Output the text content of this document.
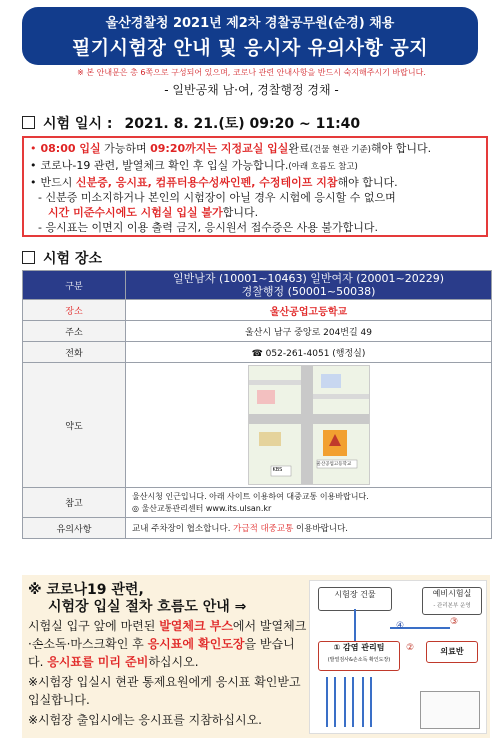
울산경찰청 2021년 제2차 경찰공무원(순경) 채용
필기시험장 안내 및 응시자 유의사항 공지
※ 본 안내문은 총 6쪽으로 구성되어 있으며, 코로나 관련 안내사항을 반드시 숙지해주시기 바랍니다.
- 일반공채 남·여, 경찰행정 경채 -
시험 일시 : 2021. 8. 21.(토) 09:20 ~ 11:40
• 08:00 입실 가능하며 09:20까지는 지정교실 입실완료(건물 현관 기준)해야 합니다.
• 코로나-19 관련, 발열체크 확인 후 입실 가능합니다.(아래 흐름도 참고)
• 반드시 신분증, 응시표, 컴퓨터용수성싸인펜, 수정테이프 지참해야 합니다.
- 신분증 미소지하거나 본인의 시험장이 아닐 경우 시험에 응시할 수 없으며
시간 미준수시에도 시험실 입실 불가합니다.
- 응시표는 이면지 이용 출력 금지, 응시원서 접수증은 사용 불가합니다.
시험 장소
구분	일반남자 (10001~10463) 일반여자 (20001~20229)
경찰행정 (50001~50038)

장소	울산공업고등학교
주소	울산시 남구 중앙로 204번길 49
전화	☎ 052-261-4051 (행정실)
약도	KBS
울산공업고등학교

참고	울산시청 인근입니다. 아래 사이트 이용하여 대중교통 이용바랍니다.
◎ 울산교통관리센터 www.its.ulsan.kr

유의사항	교내 주차장이 협소합니다. 가급적 대중교통 이용바랍니다.
※ 코로나19 관련,
시험장 입실 절차 흐름도 안내 ⇒
시험실 입구 앞에 마련된 발열체크 부스에서 발열체크·손소독·마스크확인 후 응시표에 확인도장을 받습니다. 응시표를 미리 준비하십시오.
※시험장 입실시 현관 통제요원에게 응시표 확인받고 입실합니다.
※시험장 출입시에는 응시표를 지참하십시오.
시험장 건물	예비시험실
- 관리본부 운영
① 감염 관리팀
(발열검사&손소독 확인도장)
의료반
②
③
④
